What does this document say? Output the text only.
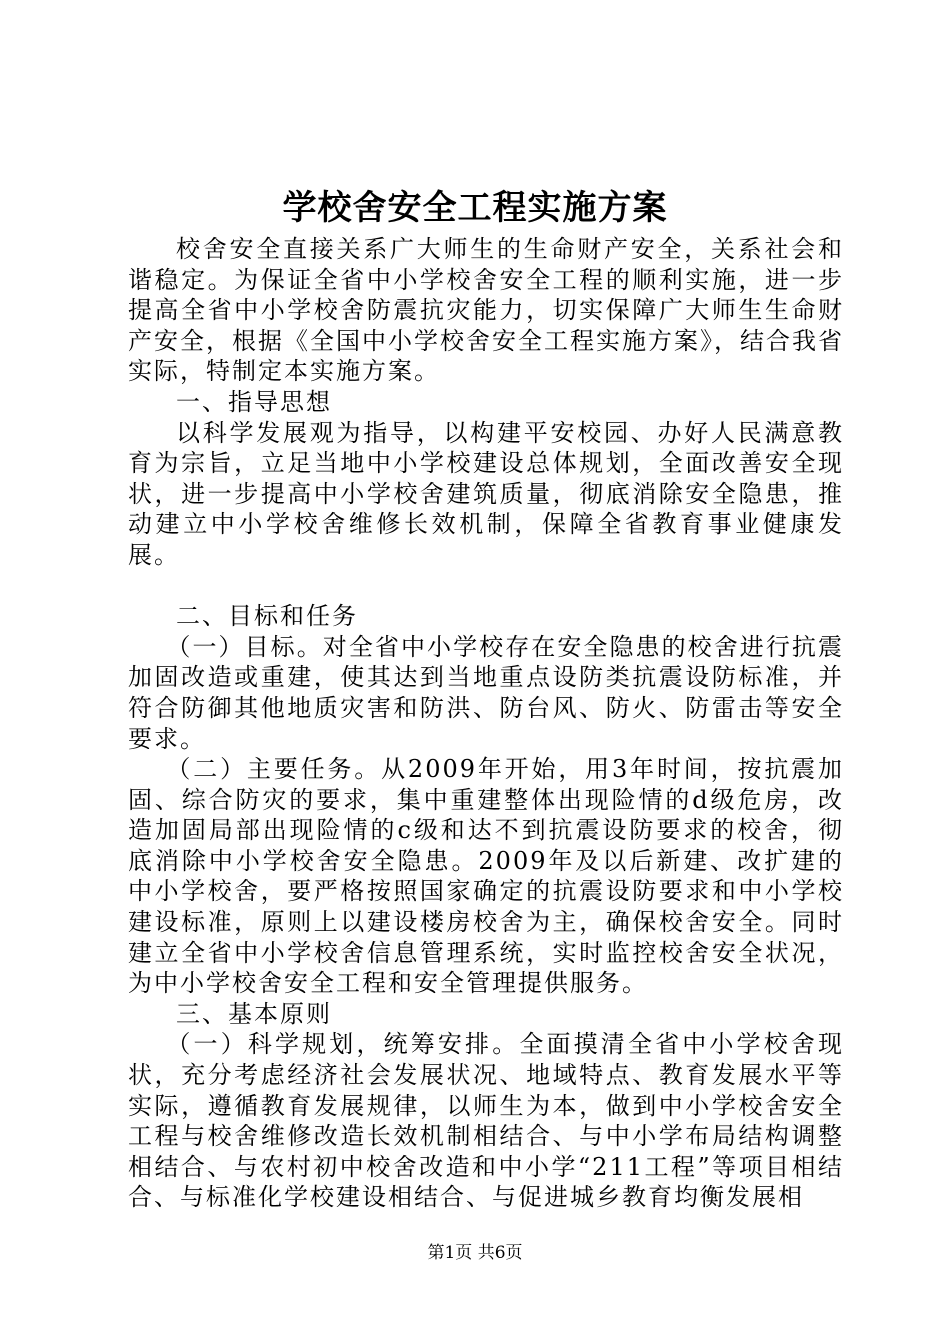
学校舍安全工程实施方案

校舍安全直接关系广大师生的生命财产安全，关系社会和谐稳定。为保证全省中小学校舍安全工程的顺利实施，进一步提高全省中小学校舍防震抗灾能力，切实保障广大师生生命财产安全，根据《全国中小学校舍安全工程实施方案》，结合我省实际，特制定本实施方案。

一、指导思想

以科学发展观为指导，以构建平安校园、办好人民满意教育为宗旨，立足当地中小学校建设总体规划，全面改善安全现状，进一步提高中小学校舍建筑质量，彻底消除安全隐患，推动建立中小学校舍维修长效机制，保障全省教育事业健康发展。

二、目标和任务

（一）目标。对全省中小学校存在安全隐患的校舍进行抗震加固改造或重建，使其达到当地重点设防类抗震设防标准，并符合防御其他地质灾害和防洪、防台风、防火、防雷击等安全要求。

（二）主要任务。从2009年开始，用3年时间，按抗震加固、综合防灾的要求，集中重建整体出现险情的d级危房，改造加固局部出现险情的c级和达不到抗震设防要求的校舍，彻底消除中小学校舍安全隐患。2009年及以后新建、改扩建的中小学校舍，要严格按照国家确定的抗震设防要求和中小学校建设标准，原则上以建设楼房校舍为主，确保校舍安全。同时建立全省中小学校舍信息管理系统，实时监控校舍安全状况，为中小学校舍安全工程和安全管理提供服务。

三、基本原则

（一）科学规划，统筹安排。全面摸清全省中小学校舍现状，充分考虑经济社会发展状况、地域特点、教育发展水平等实际，遵循教育发展规律，以师生为本，做到中小学校舍安全工程与校舍维修改造长效机制相结合、与中小学布局结构调整相结合、与农村初中校舍改造和中小学“211工程”等项目相结合、与标准化学校建设相结合、与促进城乡教育均衡发展相

第1页 共6页
